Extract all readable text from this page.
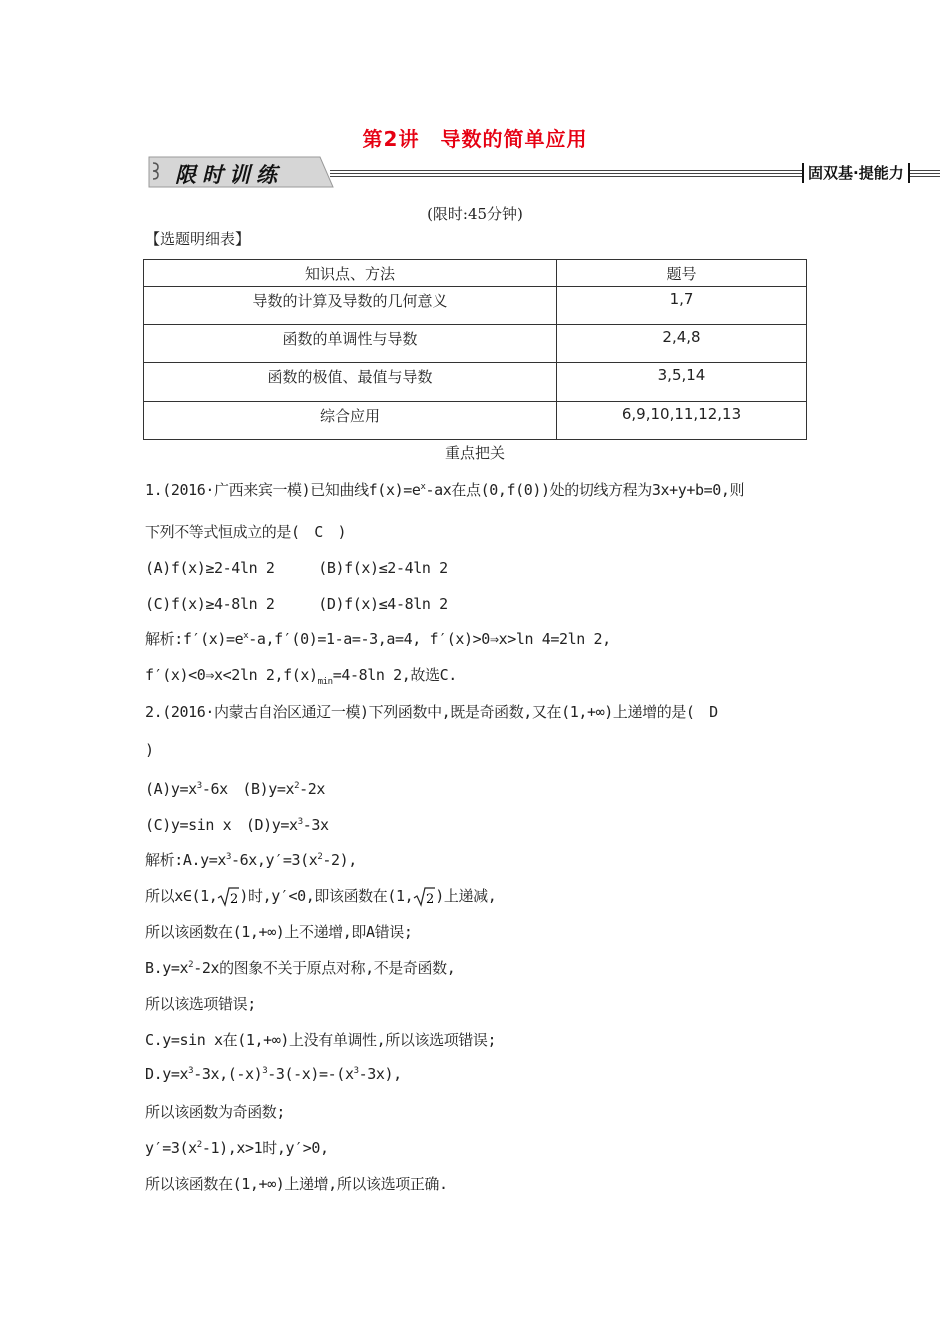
第2讲　导数的简单应用
限时训练	固双基·提能力
(限时:45分钟)
【选题明细表】
知识点、方法	题号
导数的计算及导数的几何意义	1,7
函数的单调性与导数	2,4,8
函数的极值、最值与导数	3,5,14
综合应用	6,9,10,11,12,13
重点把关
1.(2016·广西来宾一模)已知曲线$f(x)=e^x-ax$在点(0,f(0))处的切线方程为3x+y+b=0,则
下列不等式恒成立的是(　C　)
(A)f(x)≥2-4ln 2　　　(B)f(x)≤2-4ln 2
(C)f(x)≥4-8ln 2　　　(D)f(x)≤4-8ln 2
解析$:f'(x)=e^x-a,f'(0)=1-a=-3,a=4$, f′(x)>0⇒x>ln 4=2ln 2,
f′(x)<0⇒x<2ln $2,f(x)_{min}=4-8\ln$ 2,故选C.
2.(2016·内蒙古自治区通辽一模)下列函数中,既是奇函数,又在(1,+∞)上递增的是(　D
)
$(A)y=x^3-6x$　$(B)y=x^2-2x$
(C)y=sin x　$(D)y=x^3-3x$
解析$:A.y=x^3-6x,y'=3(x^2-2)$,
所以x∈(1, 2 )时,y′<0,即该函数在(1, 2 )上递减,
所以该函数在(1,+∞)上不递增,即A错误;
$B.y=x^2-2x$的图象不关于原点对称,不是奇函数,
所以该选项错误;
C.y=sin x在(1,+∞)上没有单调性,所以该选项错误;
$D.y=x^3-3x,(-x)^3-3(-x)=-(x^3-3x)$,
所以该函数为奇函数;
$y'=3(x^2-1),x>1$时,y′>0,
所以该函数在(1,+∞)上递增,所以该选项正确.
